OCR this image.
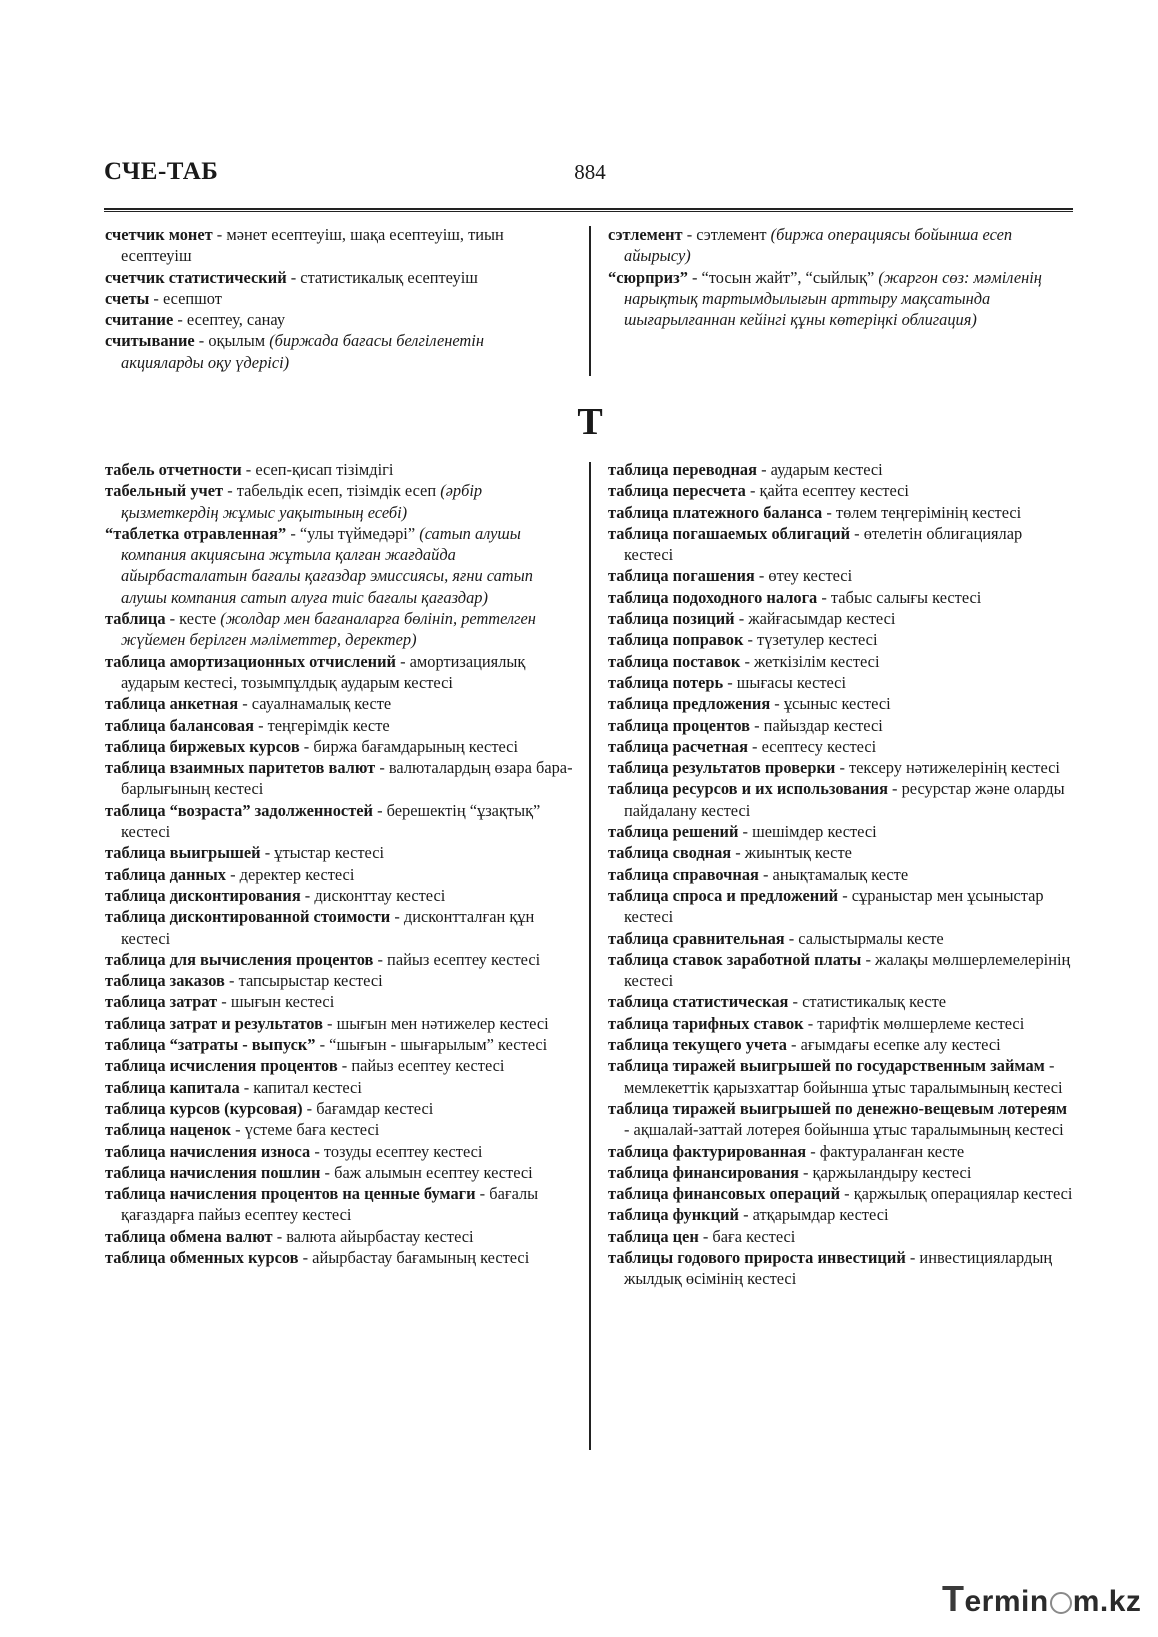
СЧЕ-ТАБ	884
счетчик монет - мәнет есептеуіш, шақа есептеуіш, тиын есептеуіш
счетчик статистический - статистикалық есептеуіш
счеты - есепшот
считание - есептеу, санау
считывание - оқылым (биржада бағасы белгіленетін акцияларды оқу үдерісі)
сэтлемент - сэтлемент (биржа операциясы бойынша есеп айырысу)
“сюрприз” - “тосын жайт”, “сыйлық” (жаргон сөз: мәміленің нарықтық тартымдылығын арттыру мақсатында шығарылғаннан кейінгі құны көтеріңкі облигация)
Т
табель отчетности - есеп-қисап тізімдігі
табельный учет - табельдік есеп, тізімдік есеп (әрбір қызметкердің жұмыс уақытының есебі)
“таблетка отравленная” - “улы түймедәрі” (сатып алушы компания акциясына жұтыла қалған жағдайда айырбасталатын бағалы қағаздар эмиссиясы, яғни сатып алушы компания сатып алуға тиіс бағалы қағаздар)
таблица - кесте (жолдар мен бағаналарға бөлініп, реттелген жүйемен берілген мәліметтер, деректер)
таблица амортизационных отчислений - амортизациялық аударым кестесі, тозымпұлдық аударым кестесі
таблица анкетная - сауалнамалық кесте
таблица балансовая - теңгерімдік кесте
таблица биржевых курсов - биржа бағамдарының кестесі
таблица взаимных паритетов валют - валюталардың өзара бара-барлығының кестесі
таблица “возраста” задолженностей - берешектің “ұзақтық” кестесі
таблица выигрышей - ұтыстар кестесі
таблица данных - деректер кестесі
таблица дисконтирования - дисконттау кестесі
таблица дисконтированной стоимости - дисконтталған құн кестесі
таблица для вычисления процентов - пайыз есептеу кестесі
таблица заказов - тапсырыстар кестесі
таблица затрат - шығын кестесі
таблица затрат и результатов - шығын мен нәтижелер кестесі
таблица “затраты - выпуск” - “шығын - шығарылым” кестесі
таблица исчисления процентов - пайыз есептеу кестесі
таблица капитала - капитал кестесі
таблица курсов (курсовая) - бағамдар кестесі
таблица наценок - үстеме баға кестесі
таблица начисления износа - тозуды есептеу кестесі
таблица начисления пошлин - баж алымын есептеу кестесі
таблица начисления процентов на ценные бумаги - бағалы қағаздарға пайыз есептеу кестесі
таблица обмена валют - валюта айырбастау кестесі
таблица обменных курсов - айырбастау бағамының кестесі
таблица переводная - аударым кестесі
таблица пересчета - қайта есептеу кестесі
таблица платежного баланса - төлем теңгерімінің кестесі
таблица погашаемых облигаций - өтелетін облигациялар кестесі
таблица погашения - өтеу кестесі
таблица подоходного налога - табыс салығы кестесі
таблица позиций - жайғасымдар кестесі
таблица поправок - түзетулер кестесі
таблица поставок - жеткізілім кестесі
таблица потерь - шығасы кестесі
таблица предложения - ұсыныс кестесі
таблица процентов - пайыздар кестесі
таблица расчетная - есептесу кестесі
таблица результатов проверки - тексеру нәтижелерінің кестесі
таблица ресурсов и их использования - ресурстар және оларды пайдалану кестесі
таблица решений - шешімдер кестесі
таблица сводная - жиынтық кесте
таблица справочная - анықтамалық кесте
таблица спроса и предложений - сұраныстар мен ұсыныстар кестесі
таблица сравнительная - салыстырмалы кесте
таблица ставок заработной платы - жалақы мөлшерлемелерінің кестесі
таблица статистическая - статистикалық кесте
таблица тарифных ставок - тарифтік мөлшерлеме кестесі
таблица текущего учета - ағымдағы есепке алу кестесі
таблица тиражей выигрышей по государственным займам - мемлекеттік қарызхаттар бойынша ұтыс таралымының кестесі
таблица тиражей выигрышей по денежно-вещевым лотереям - ақшалай-заттай лотерея бойынша ұтыс таралымының кестесі
таблица фактурированная - фактураланған кесте
таблица финансирования - қаржыландыру кестесі
таблица финансовых операций - қаржылық операциялар кестесі
таблица функций - атқарымдар кестесі
таблица цен - баға кестесі
таблицы годового прироста инвестиций - инвестициялардың жылдық өсімінің кестесі
Termin m.kz
